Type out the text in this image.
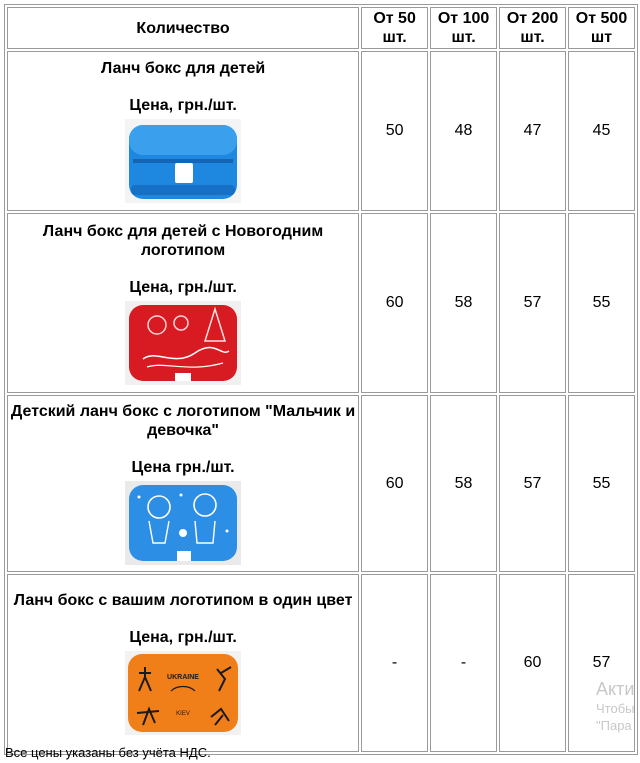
Количество	От 50 шт.	От 100 шт.	От 200 шт.	От 500 шт

Ланч бокс для детей
Цена, грн./шт.	50	48	47	45

Ланч бокс для детей с Новогодним логотипом
Цена, грн./шт.	60	58	57	55

Детский ланч бокс с логотипом "Мальчик и девочка"
Цена грн./шт.	60	58	57	55

Ланч бокс с вашим логотипом в один цвет
Цена, грн./шт.
UKRAINE
KIEV	-	-	60	57
Все цены указаны без учёта НДС.
Акти
Чтобы
"Пара
